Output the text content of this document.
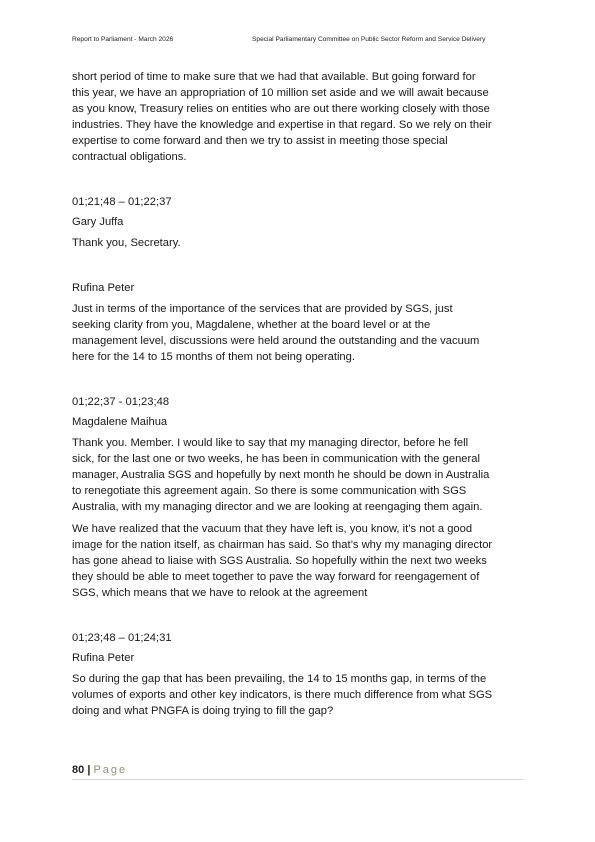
Report to Parliament - March 2026	Special Parliamentary Committee on Public Sector Reform and Service Delivery
short period of time to make sure that we had that available. But going forward for
this year, we have an appropriation of 10 million set aside and we will await because
as you know, Treasury relies on entities who are out there working closely with those
industries. They have the knowledge and expertise in that regard. So we rely on their
expertise to come forward and then we try to assist in meeting those special
contractual obligations.
01;21;48 – 01;22;37
Gary Juffa
Thank you, Secretary.
Rufina Peter
Just in terms of the importance of the services that are provided by SGS, just
seeking clarity from you, Magdalene, whether at the board level or at the
management level, discussions were held around the outstanding and the vacuum
here for the 14 to 15 months of them not being operating.
01;22;37 - 01;23;48
Magdalene Maihua
Thank you. Member. I would like to say that my managing director, before he fell
sick, for the last one or two weeks, he has been in communication with the general
manager, Australia SGS and hopefully by next month he should be down in Australia
to renegotiate this agreement again. So there is some communication with SGS
Australia, with my managing director and we are looking at reengaging them again.
We have realized that the vacuum that they have left is, you know, it’s not a good
image for the nation itself, as chairman has said. So that’s why my managing director
has gone ahead to liaise with SGS Australia. So hopefully within the next two weeks
they should be able to meet together to pave the way forward for reengagement of
SGS, which means that we have to relook at the agreement
01;23;48 – 01;24;31
Rufina Peter
So during the gap that has been prevailing, the 14 to 15 months gap, in terms of the
volumes of exports and other key indicators, is there much difference from what SGS
doing and what PNGFA is doing trying to fill the gap?
80 | Page
